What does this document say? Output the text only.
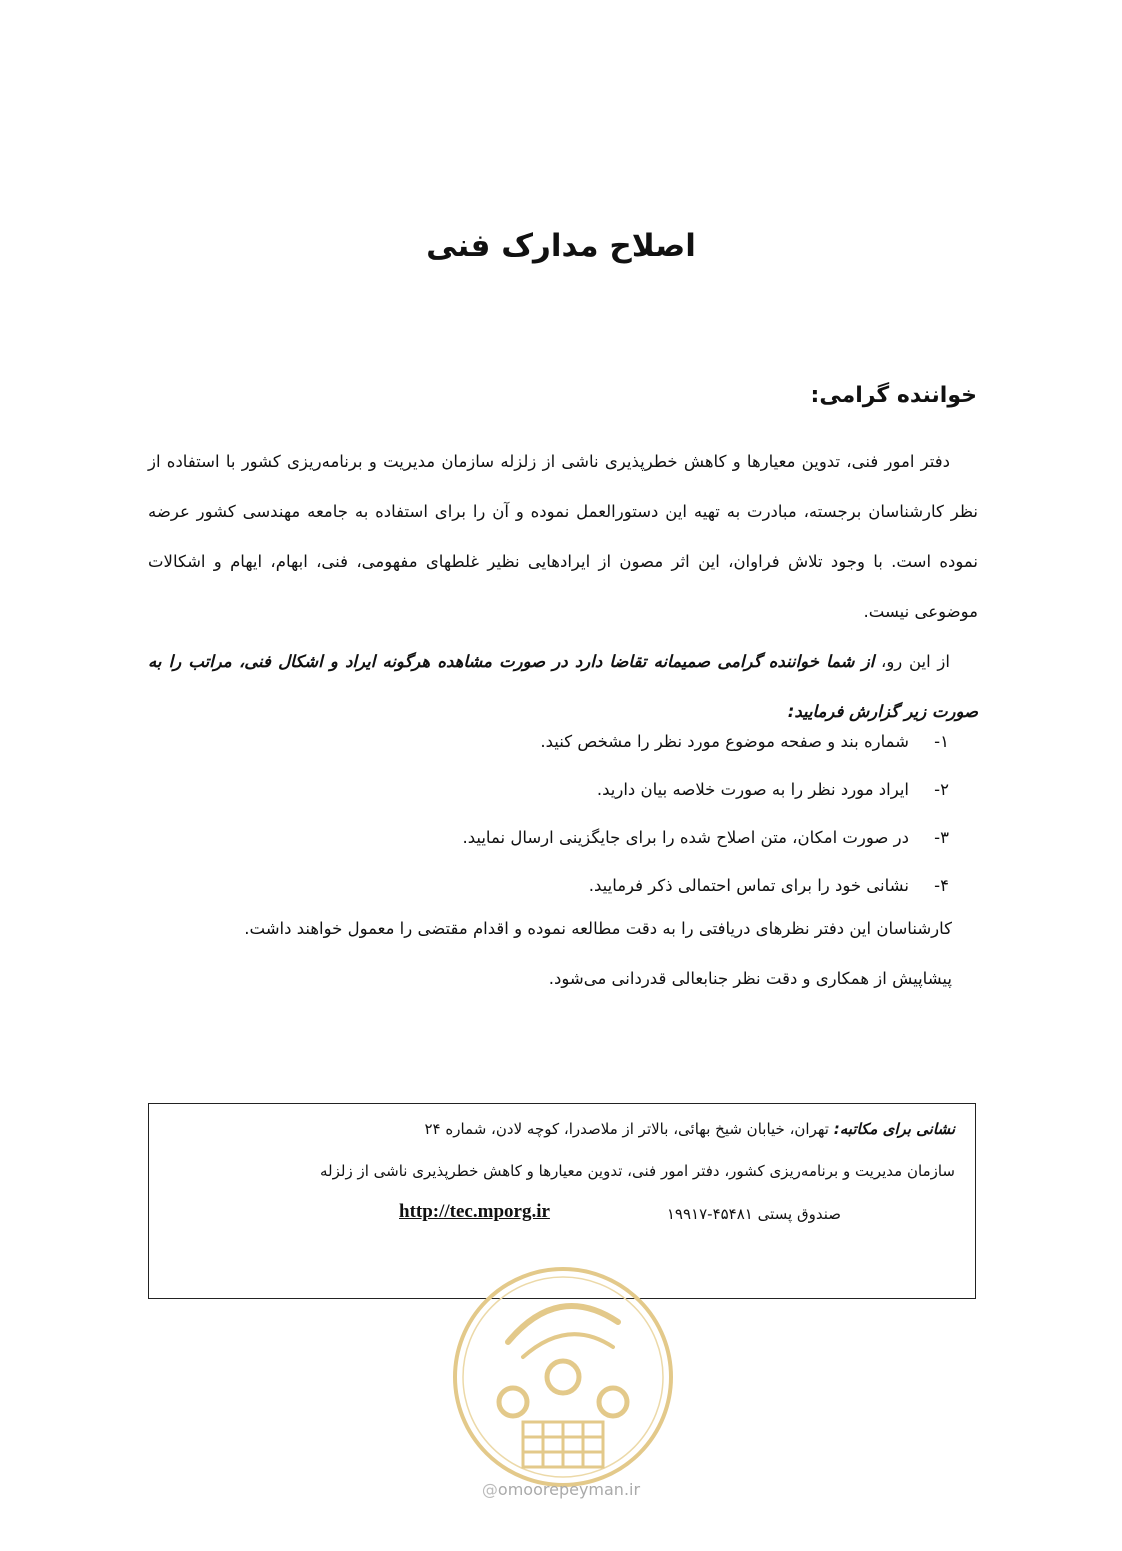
اصلاح مدارک فنی
خواننده گرامی:

دفتر امور فنی، تدوین معیارها و کاهش خطرپذیری ناشی از زلزله سازمان مدیریت و برنامه‌ریزی کشور با استفاده از نظر کارشناسان برجسته، مبادرت به تهیه این دستورالعمل نموده و آن را برای استفاده به جامعه مهندسی کشور عرضه نموده است. با وجود تلاش فراوان، این اثر مصون از ایرادهایی نظیر غلطهای مفهومی، فنی، ابهام، ایهام و اشکالات موضوعی نیست.

از این رو، از شما خواننده گرامی صمیمانه تقاضا دارد در صورت مشاهده هرگونه ایراد و اشکال فنی، مراتب را به صورت زیر گزارش فرمایید:

۱-شماره بند و صفحه موضوع مورد نظر را مشخص کنید.
۲-ایراد مورد نظر را به صورت خلاصه بیان دارید.
۳-در صورت امکان، متن اصلاح شده را برای جایگزینی ارسال نمایید.
۴-نشانی خود را برای تماس احتمالی ذکر فرمایید.

کارشناسان این دفتر نظرهای دریافتی را به دقت مطالعه نموده و اقدام مقتضی را معمول خواهند داشت.

پیشاپیش از همکاری و دقت نظر جنابعالی قدردانی می‌شود.

نشانی برای مکاتبه: تهران، خیابان شیخ بهائی، بالاتر از ملاصدرا، کوچه لادن، شماره ۲۴
سازمان مدیریت و برنامه‌ریزی کشور، دفتر امور فنی، تدوین معیارها و کاهش خطرپذیری ناشی از زلزله
صندوق پستی ۴۵۴۸۱-۱۹۹۱۷
http://tec.mporg.ir
@omoorepeyman.ir
